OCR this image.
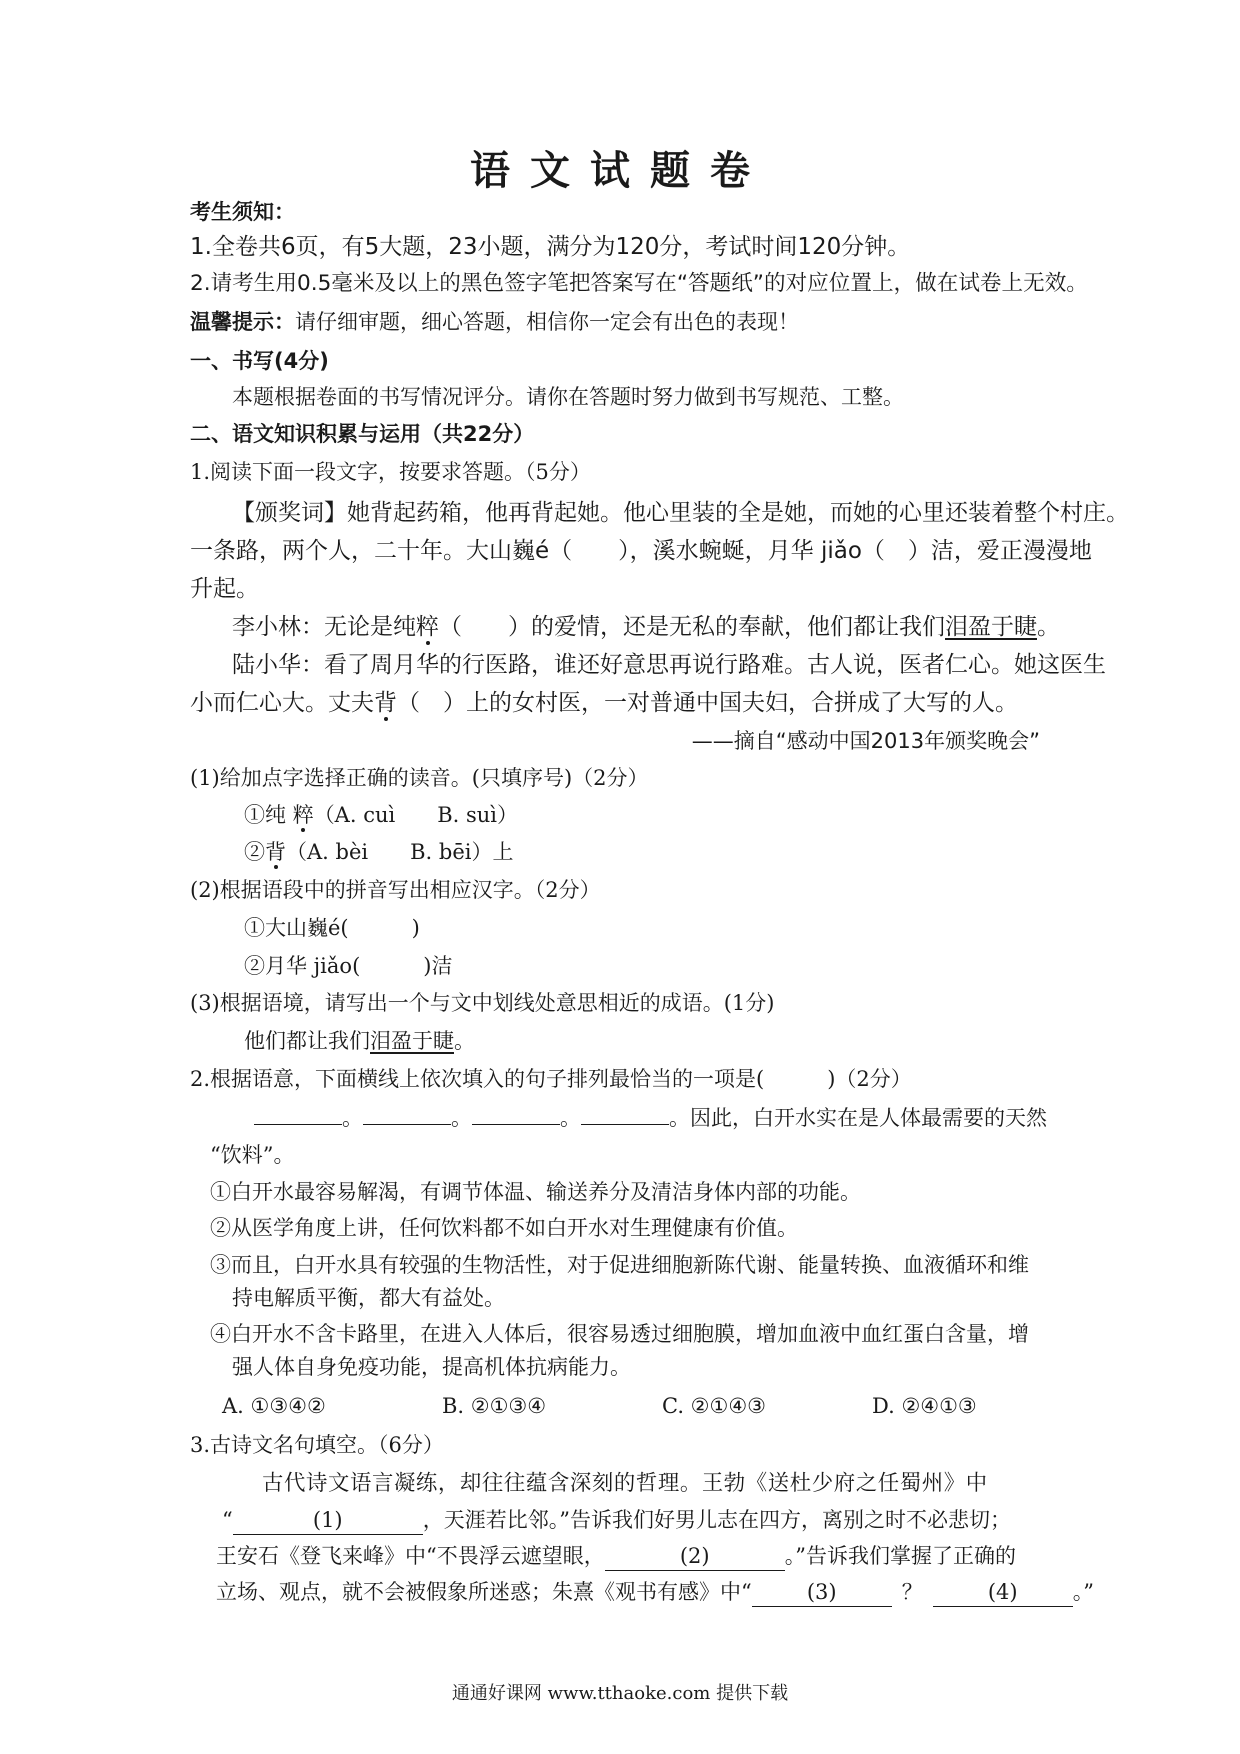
语文试题卷
考生须知：
1.全卷共6页，有5大题，23小题，满分为120分，考试时间120分钟。
2.请考生用0.5毫米及以上的黑色签字笔把答案写在“答题纸”的对应位置上，做在试卷上无效。
温馨提示：请仔细审题，细心答题，相信你一定会有出色的表现！
一、书写(4分)
本题根据卷面的书写情况评分。请你在答题时努力做到书写规范、工整。
二、语文知识积累与运用（共22分）
1.阅读下面一段文字，按要求答题。（5分）
【颁奖词】她背起药箱，他再背起她。他心里装的全是她，而她的心里还装着整个村庄。
一条路，两个人，二十年。大山巍é（　　），溪水蜿蜒，月华 jiǎo（　）洁，爱正漫漫地
升起。
李小林：无论是纯粹（　　）的爱情，还是无私的奉献，他们都让我们泪盈于睫。
陆小华：看了周月华的行医路，谁还好意思再说行路难。古人说，医者仁心。她这医生
小而仁心大。丈夫背（　）上的女村医，一对普通中国夫妇，合拼成了大写的人。
——摘自“感动中国2013年颁奖晚会”
(1)给加点字选择正确的读音。(只填序号)（2分）
①纯 粹（A. cuì　　B. suì）
②背（A. bèi　　B. bēi）上
(2)根据语段中的拼音写出相应汉字。（2分）
①大山巍é(　　　)
②月华 jiǎo(　　　)洁
(3)根据语境，请写出一个与文中划线处意思相近的成语。(1分)
他们都让我们泪盈于睫。
2.根据语意，下面横线上依次填入的句子排列最恰当的一项是(　　　)（2分）
。	。	。	。因此，白开水实在是人体最需要的天然
“饮料”。
①白开水最容易解渴，有调节体温、输送养分及清洁身体内部的功能。
②从医学角度上讲，任何饮料都不如白开水对生理健康有价值。
③而且，白开水具有较强的生物活性，对于促进细胞新陈代谢、能量转换、血液循环和维
持电解质平衡，都大有益处。
④白开水不含卡路里，在进入人体后，很容易透过细胞膜，增加血液中血红蛋白含量，增
强人体自身免疫功能，提高机体抗病能力。
A. ①③④②	B. ②①③④	C. ②①④③	D. ②④①③
3.古诗文名句填空。（6分）
古代诗文语言凝练，却往往蕴含深刻的哲理。王勃《送杜少府之任蜀州》中
“	(1)	，天涯若比邻。”告诉我们好男儿志在四方，离别之时不必悲切；
王安石《登飞来峰》中“不畏浮云遮望眼，	(2)	。”告诉我们掌握了正确的
立场、观点，就不会被假象所迷惑；朱熹《观书有感》中“	(3)	？	(4)	。”
通通好课网 www.tthaoke.com 提供下载
